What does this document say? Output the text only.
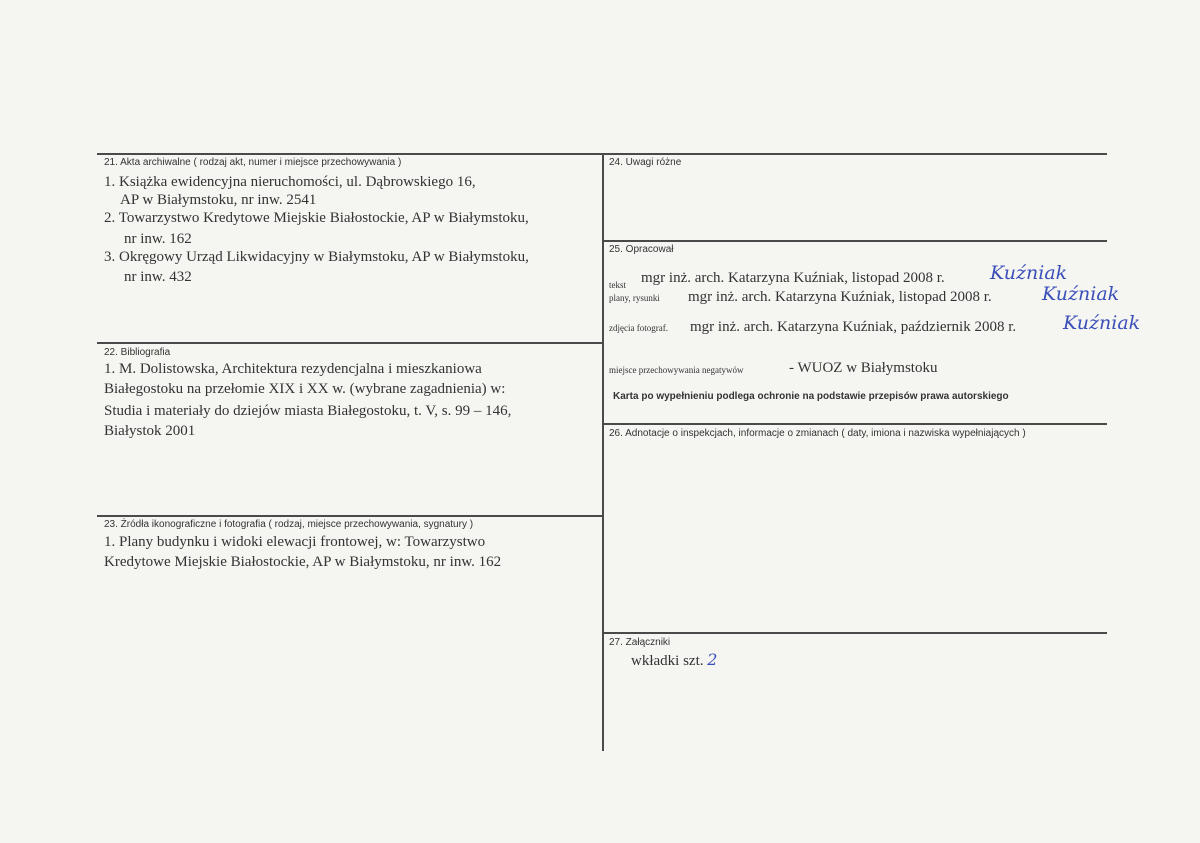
21. Akta archiwalne ( rodzaj akt, numer i miejsce przechowywania )
1. Książka ewidencyjna nieruchomości, ul. Dąbrowskiego 16,
AP w Białymstoku, nr inw. 2541
2. Towarzystwo Kredytowe Miejskie Białostockie, AP w Białymstoku,
nr inw. 162
3. Okręgowy Urząd Likwidacyjny w Białymstoku, AP w Białymstoku,
nr inw. 432
22. Bibliografia
1. M. Dolistowska, Architektura rezydencjalna i mieszkaniowa
Białegostoku na przełomie XIX i XX w. (wybrane zagadnienia) w:
Studia i materiały do dziejów miasta Białegostoku, t. V, s. 99 – 146,
Białystok 2001
23. Źródła ikonograficzne i fotografia ( rodzaj, miejsce przechowywania, sygnatury )
1. Plany budynku i widoki elewacji frontowej, w: Towarzystwo
Kredytowe Miejskie Białostockie, AP w Białymstoku, nr inw. 162
24. Uwagi różne
25. Opracował
tekst mgr inż. arch. Katarzyna Kuźniak, listopad 2008 r. Kuźniak
plany, rysunki mgr inż. arch. Katarzyna Kuźniak, listopad 2008 r.	Kuźniak
zdjęcia fotograf. mgr inż. arch. Katarzyna Kuźniak, październik 2008 r. Kuźniak
miejsce przechowywania negatywów	- WUOZ w Białymstoku
Karta po wypełnieniu podlega ochronie na podstawie przepisów prawa autorskiego
26. Adnotacje o inspekcjach, informacje o zmianach ( daty, imiona i nazwiska wypełniających )
27. Załączniki
wkładki szt. 2
